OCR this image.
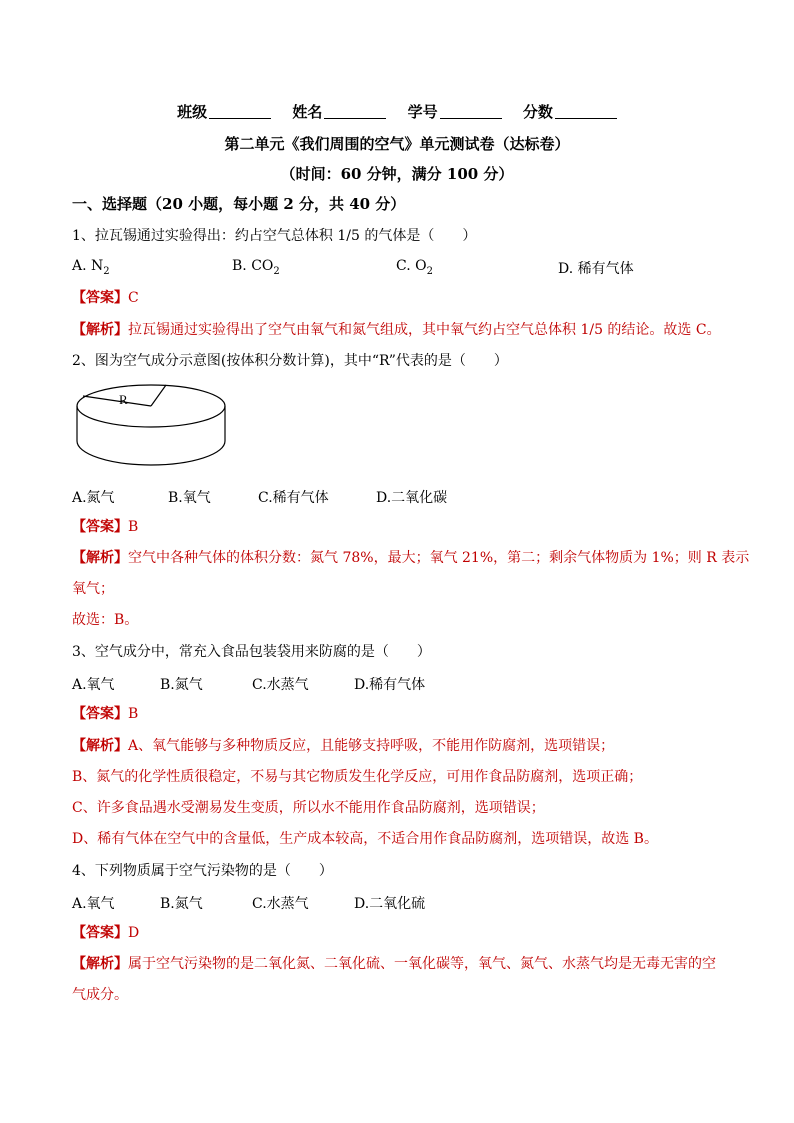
班级	姓名	学号	分数
第二单元《我们周围的空气》单元测试卷（达标卷）
（时间：60 分钟，满分 100 分）
一、选择题（20 小题，每小题 2 分，共 40 分）
1、拉瓦锡通过实验得出：约占空气总体积 1/5 的气体是（　　）
A. $N_2$	B. $CO_2$	C. $O_2$	D. 稀有气体
【答案】C
【解析】拉瓦锡通过实验得出了空气由氧气和氮气组成，其中氧气约占空气总体积 1/5 的结论。故选 C。
2、图为空气成分示意图(按体积分数计算)，其中“R”代表的是（　　）
R
A.氮气	B.氧气	C.稀有气体	D.二氧化碳
【答案】B
【解析】空气中各种气体的体积分数：氮气 78%，最大；氧气 21%，第二；剩余气体物质为 1%；则 R 表示
氧气；
故选：B。
3、空气成分中，常充入食品包装袋用来防腐的是（　　）
A.氧气	B.氮气	C.水蒸气	D.稀有气体
【答案】B
【解析】A、氧气能够与多种物质反应，且能够支持呼吸，不能用作防腐剂，选项错误；
B、氮气的化学性质很稳定，不易与其它物质发生化学反应，可用作食品防腐剂，选项正确；
C、许多食品遇水受潮易发生变质，所以水不能用作食品防腐剂，选项错误；
D、稀有气体在空气中的含量低，生产成本较高，不适合用作食品防腐剂，选项错误，故选 B。
4、下列物质属于空气污染物的是（　　）
A.氧气	B.氮气	C.水蒸气	D.二氧化硫
【答案】D
【解析】属于空气污染物的是二氧化氮、二氧化硫、一氧化碳等，氧气、氮气、水蒸气均是无毒无害的空
气成分。
